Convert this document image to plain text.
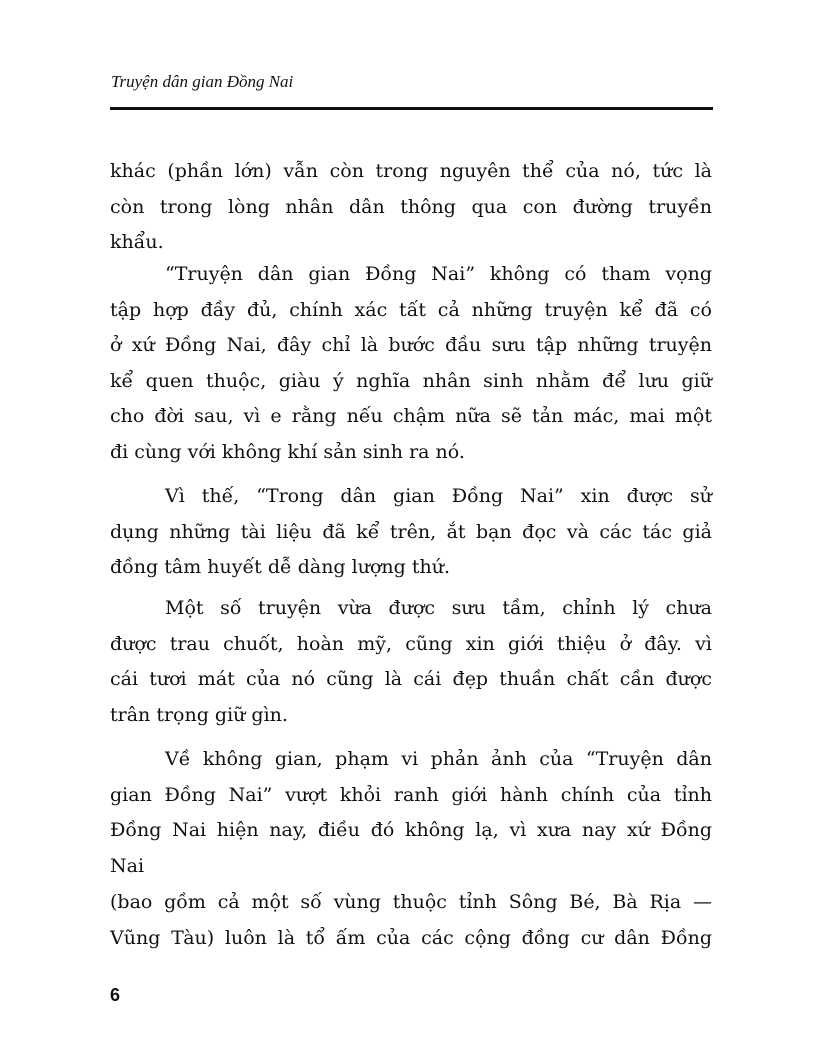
Truyện dân gian Đồng Nai
khác (phần lớn) vẫn còn trong nguyên thể của nó, tức là
còn trong lòng nhân dân thông qua con đường truyền
khẩu.
“Truyện dân gian Đồng Nai” không có tham vọng
tập hợp đầy đủ, chính xác tất cả những truyện kể đã có
ở xứ Đồng Nai, đây chỉ là bước đầu sưu tập những truyện
kể quen thuộc, giàu ý nghĩa nhân sinh nhằm để lưu giữ
cho đời sau, vì e rằng nếu chậm nữa sẽ tản mác, mai một
đi cùng với không khí sản sinh ra nó.
Vì thế, “Trong dân gian Đồng Nai” xin được sử
dụng những tài liệu đã kể trên, ắt bạn đọc và các tác giả
đồng tâm huyết dễ dàng lượng thứ.
Một số truyện vừa được sưu tầm, chỉnh lý chưa
được trau chuốt, hoàn mỹ, cũng xin giới thiệu ở đây. vì
cái tươi mát của nó cũng là cái đẹp thuần chất cần được
trân trọng giữ gìn.
Về không gian, phạm vi phản ảnh của “Truyện dân
gian Đồng Nai” vượt khỏi ranh giới hành chính của tỉnh
Đồng Nai hiện nay, điều đó không lạ, vì xưa nay xứ Đồng
Nai
(bao gồm cả một số vùng thuộc tỉnh Sông Bé, Bà Rịa —
Vũng Tàu) luôn là tổ ấm của các cộng đồng cư dân Đồng
6
